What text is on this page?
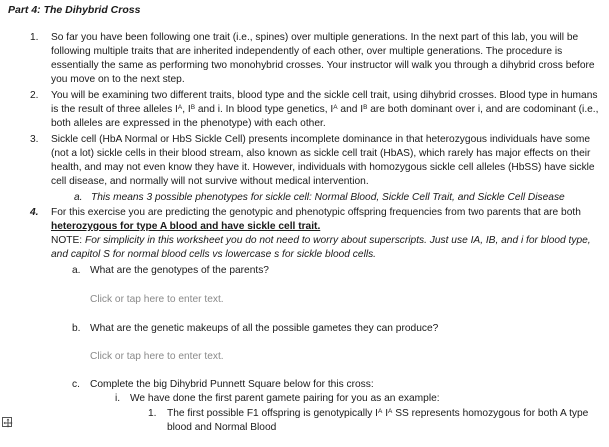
Part 4: The Dihybrid Cross
1.	So far you have been following one trait (i.e., spines) over multiple generations. In the next part of this lab, you will be following multiple traits that are inherited independently of each other, over multiple generations. The procedure is essentially the same as performing two monohybrid crosses. Your instructor will walk you through a dihybrid cross before you move on to the next step.
2.	You will be examining two different traits, blood type and the sickle cell trait, using dihybrid crosses. Blood type in humans is the result of three alleles $I^A$, $I^B$ and i. In blood type genetics, $I^A$ and $I^B$ are both dominant over i, and are codominant (i.e., both alleles are expressed in the phenotype) with each other.
3.	Sickle cell (HbA Normal or HbS Sickle Cell) presents incomplete dominance in that heterozygous individuals have some (not a lot) sickle cells in their blood stream, also known as sickle cell trait (HbAS), which rarely has major effects on their health, and may not even know they have it. However, individuals with homozygous sickle cell alleles (HbSS) have sickle cell disease, and normally will not survive without medical intervention.
a. This means 3 possible phenotypes for sickle cell: Normal Blood, Sickle Cell Trait, and Sickle Cell Disease
4.	For this exercise you are predicting the genotypic and phenotypic offspring frequencies from two parents that are both heterozygous for type A blood and have sickle cell trait.
NOTE: For simplicity in this worksheet you do not need to worry about superscripts. Just use IA, IB, and i for blood type, and capitol S for normal blood cells vs lowercase s for sickle blood cells.
a. What are the genotypes of the parents?
Click or tap here to enter text.
b. What are the genetic makeups of all the possible gametes they can produce?
Click or tap here to enter text.
c. Complete the big Dihybrid Punnett Square below for this cross:
i. We have done the first parent gamete pairing for you as an example:
1. The first possible F1 offspring is genotypically $I^A$ $I^A$ SS represents homozygous for both A type blood and Normal Blood
